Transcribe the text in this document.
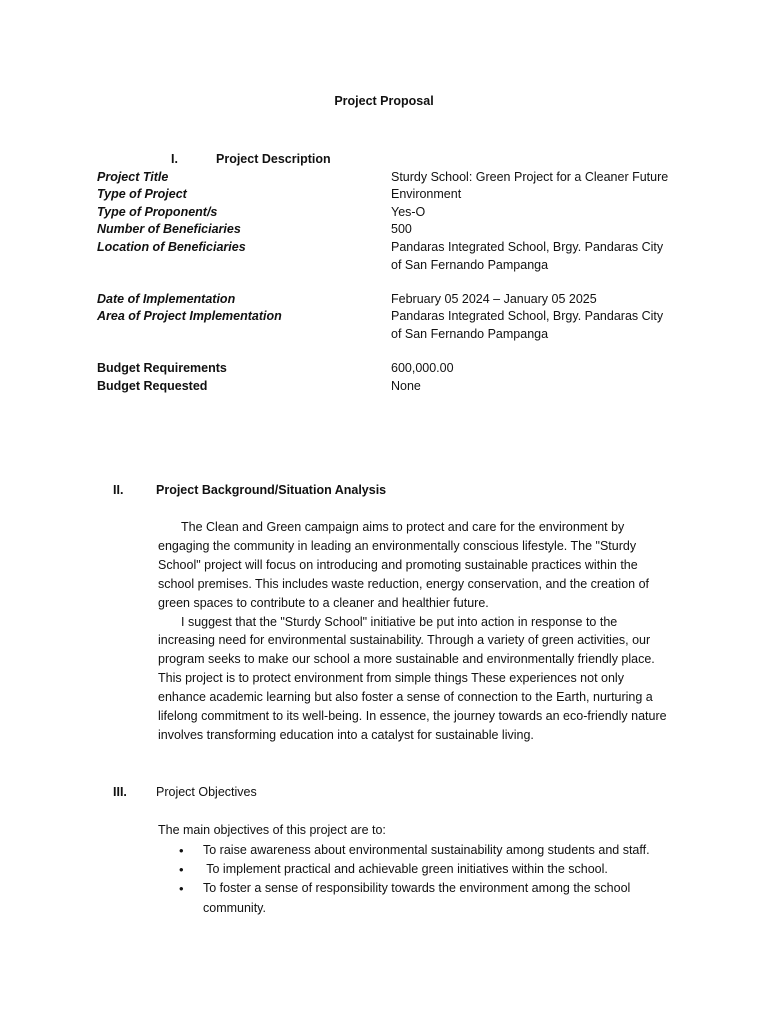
Project Proposal
I.	Project Description
Project Title	Sturdy School: Green Project for a Cleaner Future
Type of Project	Environment
Type of Proponent/s	Yes-O
Number of Beneficiaries	500
Location of Beneficiaries	Pandaras Integrated School, Brgy. Pandaras City
of San Fernando Pampanga
Date of Implementation	February 05 2024 – January 05 2025
Area of Project Implementation	Pandaras Integrated School, Brgy. Pandaras City
of San Fernando Pampanga
Budget Requirements	600,000.00
Budget Requested	None
II.	Project Background/Situation Analysis

The Clean and Green campaign aims to protect and care for the environment by engaging the community in leading an environmentally conscious lifestyle. The "Sturdy School" project will focus on introducing and promoting sustainable practices within the school premises. This includes waste reduction, energy conservation, and the creation of green spaces to contribute to a cleaner and healthier future.

I suggest that the "Sturdy School" initiative be put into action in response to the increasing need for environmental sustainability. Through a variety of green activities, our program seeks to make our school a more sustainable and environmentally friendly place. This project is to protect environment from simple things These experiences not only enhance academic learning but also foster a sense of connection to the Earth, nurturing a lifelong commitment to its well-being. In essence, the journey towards an eco-friendly nature involves transforming education into a catalyst for sustainable living.

III. Project Objectives
The main objectives of this project are to:
• To raise awareness about environmental sustainability among students and staff.
• To implement practical and achievable green initiatives within the school.
• To foster a sense of responsibility towards the environment among the school community.
